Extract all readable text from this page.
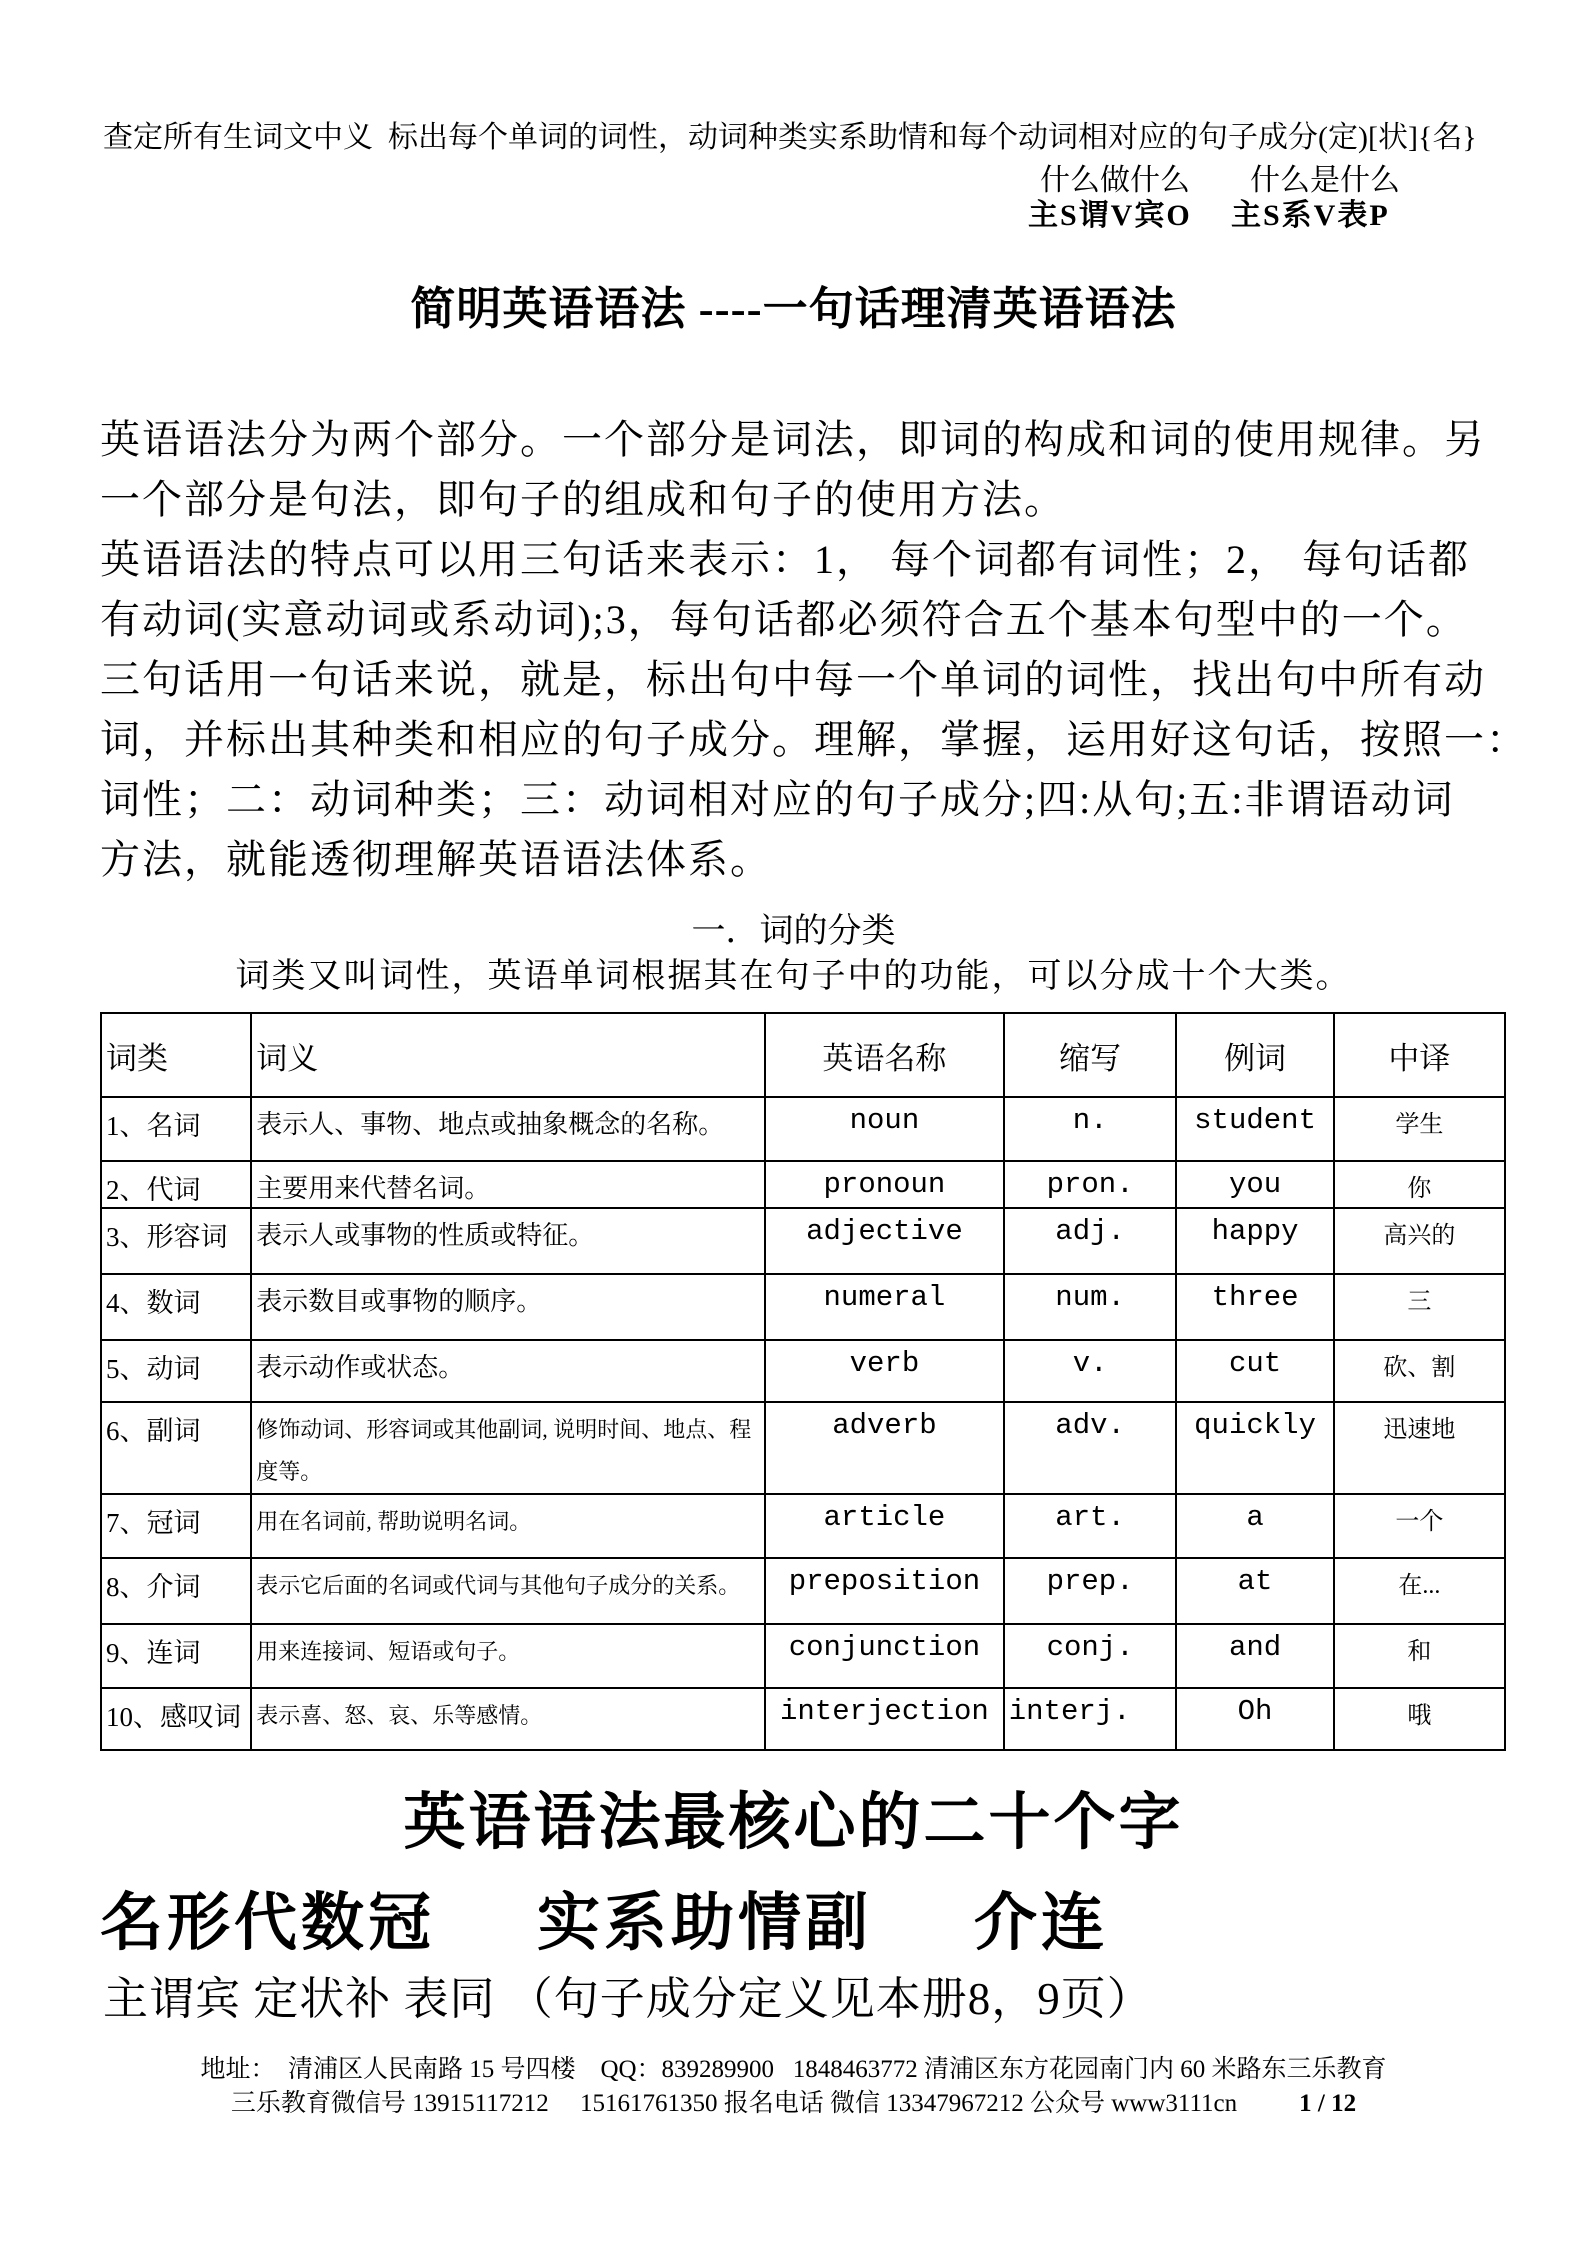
查定所有生词文中义  标出每个单词的词性，动词种类实系助情和每个动词相对应的句子成分(定)[状]{名}
什么做什么 什么是什么
主S谓V宾O 主S系V表P
简明英语语法 ----一句话理清英语语法
英语语法分为两个部分。一个部分是词法，即词的构成和词的使用规律。另
一个部分是句法，即句子的组成和句子的使用方法。
英语语法的特点可以用三句话来表示：1， 每个词都有词性；2， 每句话都
有动词(实意动词或系动词);3，每句话都必须符合五个基本句型中的一个。
三句话用一句话来说，就是，标出句中每一个单词的词性，找出句中所有动
词，并标出其种类和相应的句子成分。理解，掌握，运用好这句话，按照一：
词性；二：动词种类；三：动词相对应的句子成分;四:从句;五:非谓语动词
方法，就能透彻理解英语语法体系。
一．词的分类
词类又叫词性，英语单词根据其在句子中的功能，可以分成十个大类。
词类	词义	英语名称	缩写	例词	中译
1、名词	表示人、事物、地点或抽象概念的名称。	noun	n.	student	学生
2、代词	主要用来代替名词。	pronoun	pron.	you	你
3、形容词	表示人或事物的性质或特征。	adjective	adj.	happy	高兴的
4、数词	表示数目或事物的顺序。	numeral	num.	three	三
5、动词	表示动作或状态。	verb	v.	cut	砍、割
6、副词	修饰动词、形容词或其他副词, 说明时间、地点、程度等。	adverb	adv.	quickly	迅速地
7、冠词	用在名词前, 帮助说明名词。	article	art.	a	一个
8、介词	表示它后面的名词或代词与其他句子成分的关系。	preposition	prep.	at	在...
9、连词	用来连接词、短语或句子。	conjunction	conj.	and	和
10、感叹词	表示喜、怒、哀、乐等感情。	interjection	interj.	Oh	哦
英语语法最核心的二十个字
名形代数冠 实系助情副 介连
主谓宾 定状补 表同 （句子成分定义见本册8，9页）
地址：  清浦区人民南路 15 号四楼    QQ：839289900   1848463772 清浦区东方花园南门内 60 米路东三乐教育
三乐教育微信号 13915117212     15161761350 报名电话 微信 13347967212 公众号 www3111cn 1 / 12
